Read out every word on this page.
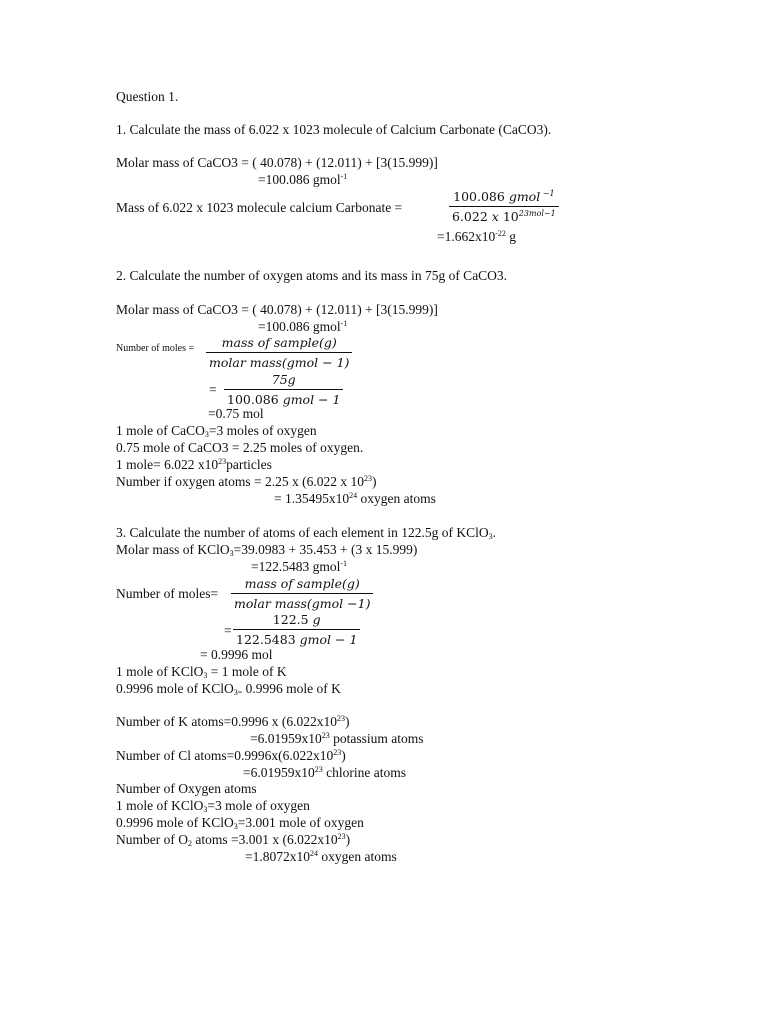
Question 1.
1. Calculate the mass of 6.022 x 1023 molecule of Calcium Carbonate (CaCO3).
Molar mass of CaCO3 = ( 40.078) + (12.011) + [3(15.999)]
=100.086 gmol$^{-1}$
Mass of 6.022 x 1023 molecule calcium Carbonate =
100.086 gmol $^{-1}$
6.022 x $10^{23mol-1}$
$=1.662x10^{-22}$ g
2. Calculate the number of oxygen atoms and its mass in 75g of CaCO3.
Molar mass of CaCO3 = ( 40.078) + (12.011) + [3(15.999)]
=100.086 gmol$^{-1}$
Number of moles =	mass of sample(g)
molar mass(gmol − 1)
=
75g
100.086 gmol − 1
=0.75 mol
1 mole of CaCO$_3$=3 moles of oxygen
0.75 mole of CaCO3 = 2.25 moles of oxygen.
1 mole= 6.022 $x10^{23}particles$
Number if oxygen atoms = 2.25 x (6.022 x $10^{23}$)
= $1.35495x10^{24}$ oxygen atoms
3. Calculate the number of atoms of each element in 122.5g of KClO$_3$.
Molar mass of KClO$_3$=39.0983 + 35.453 + (3 x 15.999)
=122.5483 gmol$^{-1}$
Number of moles=
mass of sample(g)
molar mass(gmol −1)
=
122.5 g
122.5483 gmol − 1
= 0.9996 mol
1 mole of KClO$_3$ = 1 mole of K
0.9996 mole of KClO$_{3=}$ 0.9996 mole of K
Number of K atoms=0.9996 x $(6.022x10^{23})$
$=6.01959x10^{23}$ potassium atoms
Number of Cl $atoms=0.9996x(6.022x10^{23})$
$=6.01959x10^{23}$ chlorine atoms
Number of Oxygen atoms
1 mole of KClO$_3$=3 mole of oxygen
0.9996 mole of KClO$_3$=3.001 mole of oxygen
Number of $O_2$ atoms =3.001 x $(6.022x10^{23})$
$=1.8072x10^{24}$ oxygen atoms
